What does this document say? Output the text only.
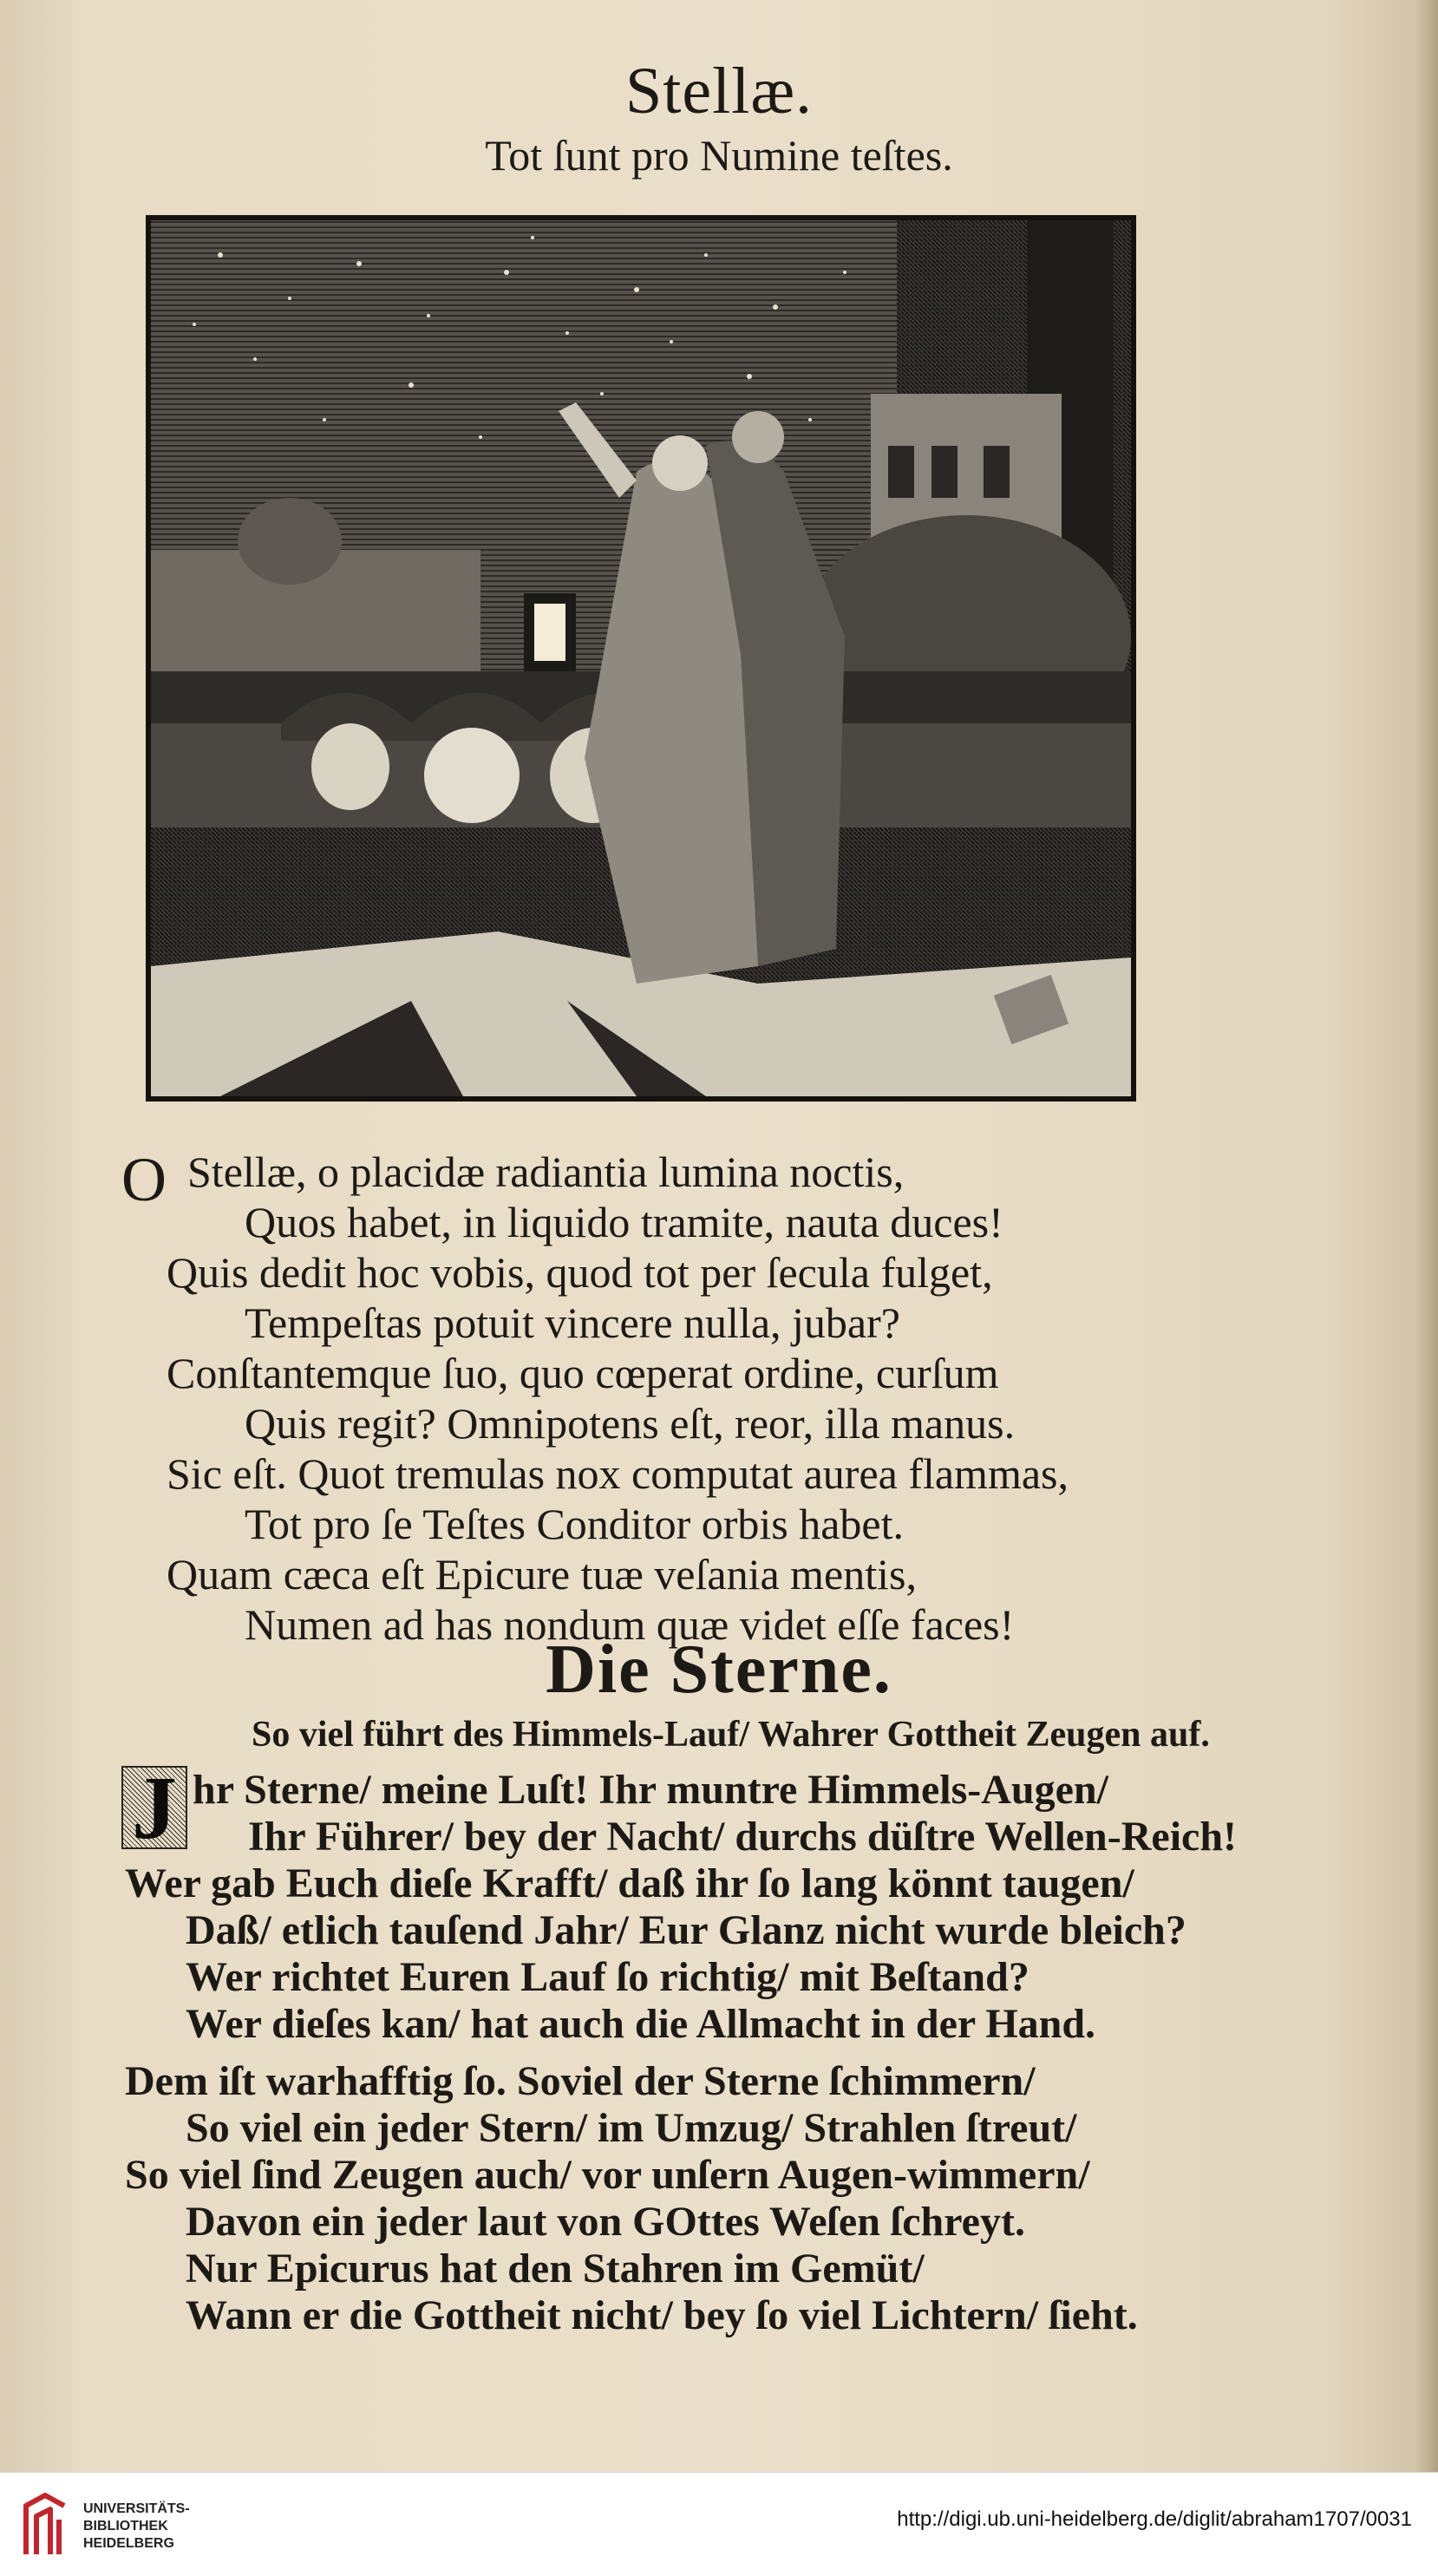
Stellæ.
Tot ſunt pro Numine teſtes.
O Stellæ, o placidæ radiantia lumina noctis,
Quos habet, in liquido tramite, nauta duces!
Quis dedit hoc vobis, quod tot per ſecula fulget,
Tempeſtas potuit vincere nulla, jubar?
Conſtantemque ſuo, quo cœperat ordine, curſum
Quis regit? Omnipotens eſt, reor, illa manus.
Sic eſt. Quot tremulas nox computat aurea flammas,
Tot pro ſe Teſtes Conditor orbis habet.
Quam cæca eſt Epicure tuæ veſania mentis,
Numen ad has nondum quæ videt eſſe faces!
Die Sterne.
So viel führt des Himmels-Lauf/ Wahrer Gottheit Zeugen auf.
J hr Sterne/ meine Luſt! Ihr muntre Himmels-Augen/
Ihr Führer/ bey der Nacht/ durchs düſtre Wellen-Reich!
Wer gab Euch dieſe Krafft/ daß ihr ſo lang könnt taugen/
Daß/ etlich tauſend Jahr/ Eur Glanz nicht wurde bleich?
Wer richtet Euren Lauf ſo richtig/ mit Beſtand?
Wer dieſes kan/ hat auch die Allmacht in der Hand.
Dem iſt warhafftig ſo. Soviel der Sterne ſchimmern/
So viel ein jeder Stern/ im Umzug/ Strahlen ſtreut/
So viel ſind Zeugen auch/ vor unſern Augen-wimmern/
Davon ein jeder laut von GOttes Weſen ſchreyt.
Nur Epicurus hat den Stahren im Gemüt/
Wann er die Gottheit nicht/ bey ſo viel Lichtern/ ſieht.
UNIVERSITÄTS-
BIBLIOTHEK
HEIDELBERG
http://digi.ub.uni-heidelberg.de/diglit/abraham1707/0031
